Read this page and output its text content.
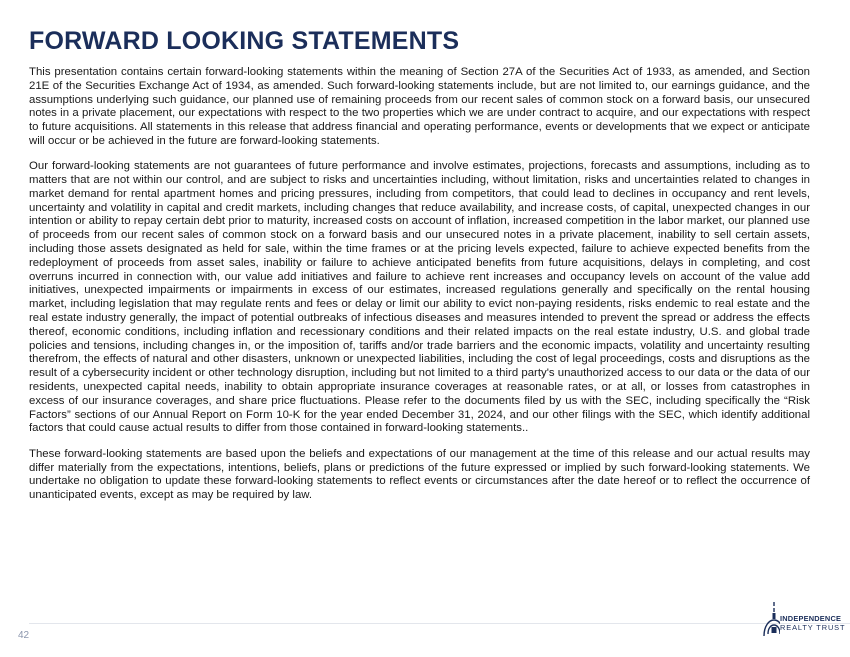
FORWARD LOOKING STATEMENTS

This presentation contains certain forward-looking statements within the meaning of Section 27A of the Securities Act of 1933, as amended, and Section 21E of the Securities Exchange Act of 1934, as amended. Such forward-looking statements include, but are not limited to, our earnings guidance, and the assumptions underlying such guidance, our planned use of remaining proceeds from our recent sales of common stock on a forward basis, our unsecured notes in a private placement, our expectations with respect to the two properties which we are under contract to acquire, and our expectations with respect to future acquisitions. All statements in this release that address financial and operating performance, events or developments that we expect or anticipate will occur or be achieved in the future are forward-looking statements.

Our forward-looking statements are not guarantees of future performance and involve estimates, projections, forecasts and assumptions, including as to matters that are not within our control, and are subject to risks and uncertainties including, without limitation, risks and uncertainties related to changes in market demand for rental apartment homes and pricing pressures, including from competitors, that could lead to declines in occupancy and rent levels, uncertainty and volatility in capital and credit markets, including changes that reduce availability, and increase costs, of capital, unexpected changes in our intention or ability to repay certain debt prior to maturity, increased costs on account of inflation, increased competition in the labor market, our planned use of proceeds from our recent sales of common stock on a forward basis and our unsecured notes in a private placement, inability to sell certain assets, including those assets designated as held for sale, within the time frames or at the pricing levels expected, failure to achieve expected benefits from the redeployment of proceeds from asset sales, inability or failure to achieve anticipated benefits from future acquisitions, delays in completing, and cost overruns incurred in connection with, our value add initiatives and failure to achieve rent increases and occupancy levels on account of the value add initiatives, unexpected impairments or impairments in excess of our estimates, increased regulations generally and specifically on the rental housing market, including legislation that may regulate rents and fees or delay or limit our ability to evict non-paying residents, risks endemic to real estate and the real estate industry generally, the impact of potential outbreaks of infectious diseases and measures intended to prevent the spread or address the effects thereof, economic conditions, including inflation and recessionary conditions and their related impacts on the real estate industry, U.S. and global trade policies and tensions, including changes in, or the imposition of, tariffs and/or trade barriers and the economic impacts, volatility and uncertainty resulting therefrom, the effects of natural and other disasters, unknown or unexpected liabilities, including the cost of legal proceedings, costs and disruptions as the result of a cybersecurity incident or other technology disruption, including but not limited to a third party's unauthorized access to our data or the data of our residents, unexpected capital needs, inability to obtain appropriate insurance coverages at reasonable rates, or at all, or losses from catastrophes in excess of our insurance coverages, and share price fluctuations. Please refer to the documents filed by us with the SEC, including specifically the “Risk Factors” sections of our Annual Report on Form 10-K for the year ended December 31, 2024, and our other filings with the SEC, which identify additional factors that could cause actual results to differ from those contained in forward-looking statements..

These forward-looking statements are based upon the beliefs and expectations of our management at the time of this release and our actual results may differ materially from the expectations, intentions, beliefs, plans or predictions of the future expressed or implied by such forward-looking statements. We undertake no obligation to update these forward-looking statements to reflect events or circumstances after the date hereof or to reflect the occurrence of unanticipated events, except as may be required by law.

42
INDEPENDENCE
REALTY TRUST
